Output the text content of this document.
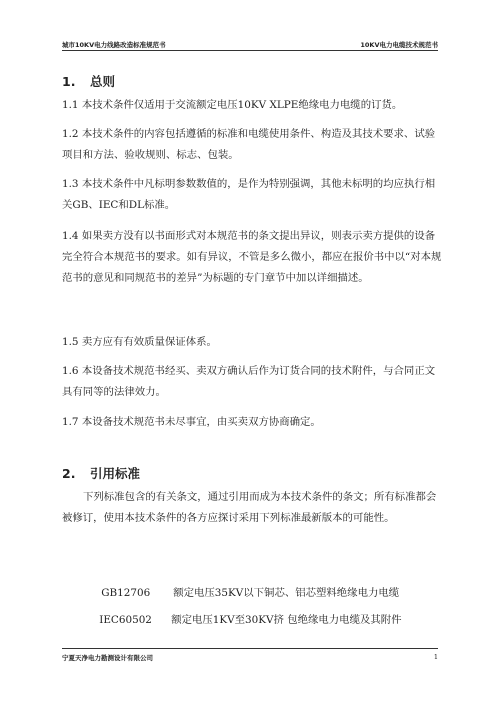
城市10KV电力线路改造标准规范书	10KV电力电缆技术规范书
1. 总则
1.1 本技术条件仅适用于交流额定电压10KV XLPE绝缘电力电缆的订货。
1.2 本技术条件的内容包括遵循的标准和电缆使用条件、构造及其技术要求、试验项目和方法、验收规则、标志、包装。
1.3 本技术条件中凡标明参数数值的，是作为特别强调，其他未标明的均应执行相关GB、IEC和DL标准。
1.4 如果卖方没有以书面形式对本规范书的条文提出异议，则表示卖方提供的设备完全符合本规范书的要求。如有异议，不管是多么微小，都应在报价书中以“对本规范书的意见和同规范书的差异”为标题的专门章节中加以详细描述。
1.5 卖方应有有效质量保证体系。
1.6 本设备技术规范书经买、卖双方确认后作为订货合同的技术附件，与合同正文具有同等的法律效力。
1.7 本设备技术规范书未尽事宜，由买卖双方协商确定。
2. 引用标准
下列标准包含的有关条文，通过引用而成为本技术条件的条文；所有标准都会被修订，使用本技术条件的各方应探讨采用下列标准最新版本的可能性。

GB12706 额定电压35KV以下铜芯、铝芯塑料绝缘电力电缆

IEC60502 额定电压1KV至30KV挤 包绝缘电力电缆及其附件

宁夏天净电力勘测设计有限公司	1
